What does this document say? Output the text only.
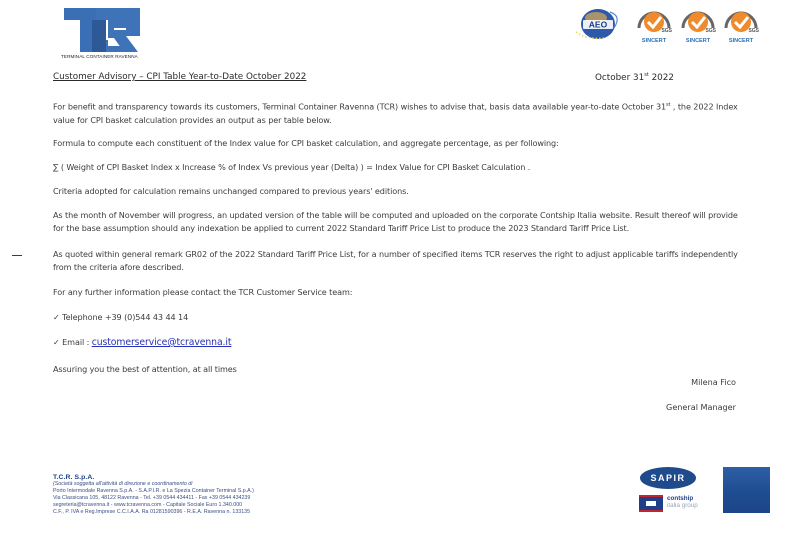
TERMINAL CONTAINER RAVENNA
AEO
SGS
SINCERT
SGS
SINCERT
SGS
SINCERT
Customer Advisory – CPI Table Year-to-Date October 2022	October 31st 2022
For benefit and transparency towards its customers, Terminal Container Ravenna (TCR) wishes to advise that, basis data available year-to-date October 31st , the 2022 Index value for CPI basket calculation provides an output as per table below.
Formula to compute each constituent of the Index value for CPI basket calculation, and aggregate percentage, as per following:
∑ ( Weight of CPI Basket Index x Increase % of Index Vs previous year (Delta) ) = Index Value for CPI Basket Calculation .
Criteria adopted for calculation remains unchanged compared to previous years' editions.
As the month of November will progress, an updated version of the table will be computed and uploaded on the corporate Contship Italia website. Result thereof will provide for the base assumption should any indexation be applied to current 2022 Standard Tariff Price List to produce the 2023 Standard Tariff Price List.
As quoted within general remark GR02 of the 2022 Standard Tariff Price List, for a number of specified items TCR reserves the right to adjust applicable tariffs independently from the criteria afore described.
For any further information please contact the TCR Customer Service team:
✓ Telephone +39 (0)544 43 44 14
✓ Email : customerservice@tcravenna.it
Assuring you the best of attention, at all times
Milena Fico
General Manager
T.C.R. S.p.A.
(Società soggetta all'attività di direzione e coordinamento di
Porto Intermodale Ravenna S.p.A. - S.A.P.I.R. e La Spezia Container Terminal S.p.A.)
Via Classicana 105, 48122 Ravenna - Tel. +39 0544 434411 - Fax +39 0544 434239
segreteria@tcravenna.it - www.tcravenna.com - Capitale Sociale Euro 1.340.000
C.F., P. IVA e Reg.Imprese C.C.I.A.A. Ra 01281590396 - R.E.A. Ravenna n. 133135
SAPIR
contship
italia group
